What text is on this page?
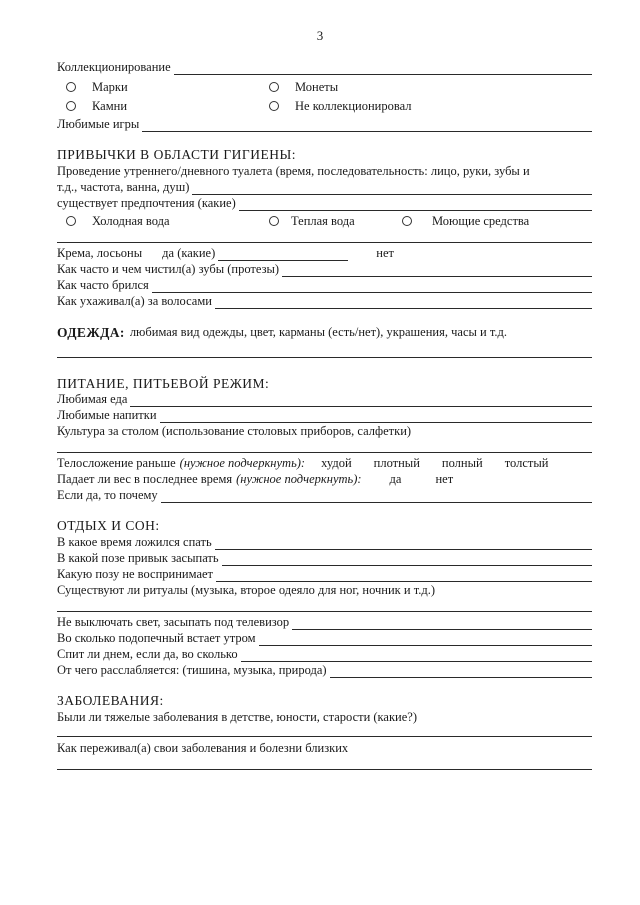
3
Коллекционирование
Марки	Монеты
Камни	Не коллекционировал
Любимые игры
ПРИВЫЧКИ В ОБЛАСТИ ГИГИЕНЫ:
Проведение утреннего/дневного туалета (время, последовательность: лицо, руки, зубы и
т.д., частота, ванна, душ)
существует предпочтения (какие)
Холодная вода	Теплая вода	Моющие средства
Крема, лосьоны да (какие)	нет
Как часто и чем чистил(а) зубы (протезы)
Как часто брился
Как ухаживал(а) за волосами
ОДЕЖДА: любимая вид одежды, цвет, карманы (есть/нет), украшения, часы и т.д.
ПИТАНИЕ, ПИТЬЕВОЙ РЕЖИМ:
Любимая еда
Любимые напитки
Культура за столом (использование столовых приборов, салфетки)
Телосложение раньше (нужное подчеркнуть): худой плотный полный толстый
Падает ли вес в последнее время (нужное подчеркнуть): да	нет
Если да, то почему
ОТДЫХ И СОН:
В какое время ложился спать
В какой позе привык засыпать
Какую позу не воспринимает
Существуют ли ритуалы (музыка, второе одеяло для ног, ночник и т.д.)
Не выключать свет, засыпать под телевизор
Во сколько подопечный встает утром
Спит ли днем, если да, во сколько
От чего расслабляется: (тишина, музыка, природа)
ЗАБОЛЕВАНИЯ:
Были ли тяжелые заболевания в детстве, юности, старости (какие?)
Как переживал(а) свои заболевания и болезни близких
